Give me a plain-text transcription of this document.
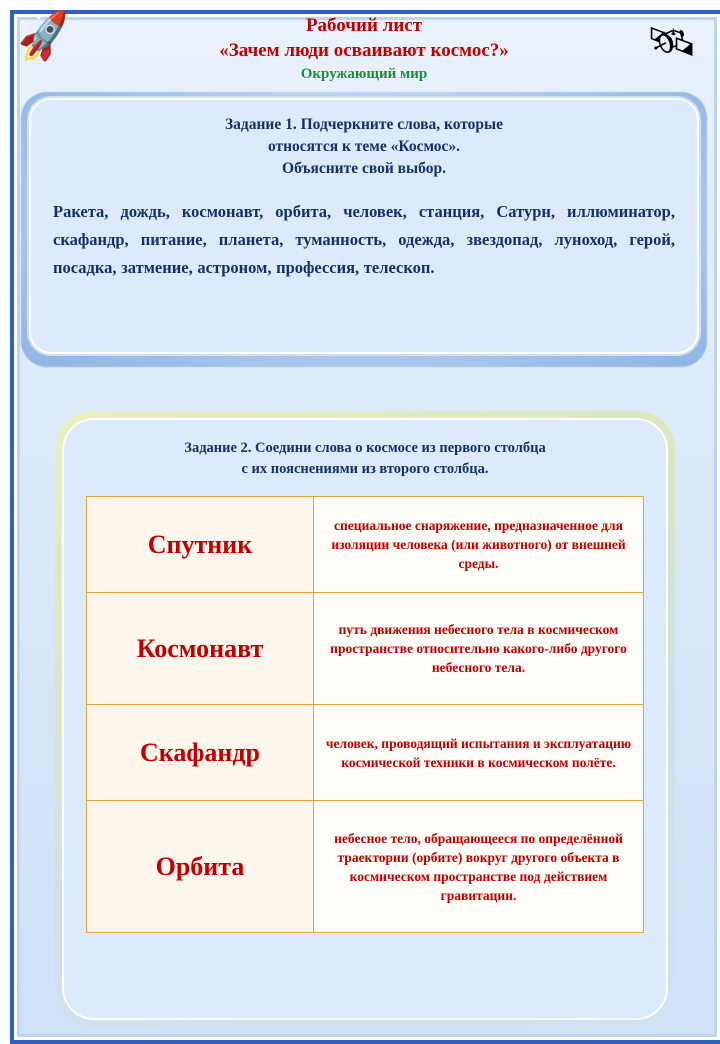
🚀	🛰
Рабочий лист
«Зачем люди осваивают космос?»
Окружающий мир
Задание 1. Подчеркните слова, которые
относятся к теме «Космос».
Объясните свой выбор.
Ракета, дождь, космонавт, орбита, человек, станция, Сатурн, иллюминатор, скафандр, питание, планета, туманность, одежда, звездопад, луноход, герой, посадка, затмение, астроном, профессия, телескоп.
Задание 2. Соедини слова о космосе из первого столбца
с их пояснениями из второго столбца.
Спутник	специальное снаряжение, предназначенное для изоляции человека (или животного) от внешней среды.
Космонавт	путь движения небесного тела в космическом пространстве относительно какого-либо другого небесного тела.
Скафандр	человек, проводящий испытания и эксплуатацию космической техники в космическом полёте.
Орбита	небесное тело, обращающееся по определённой траектории (орбите) вокруг другого объекта в космическом пространстве под действием гравитации.
